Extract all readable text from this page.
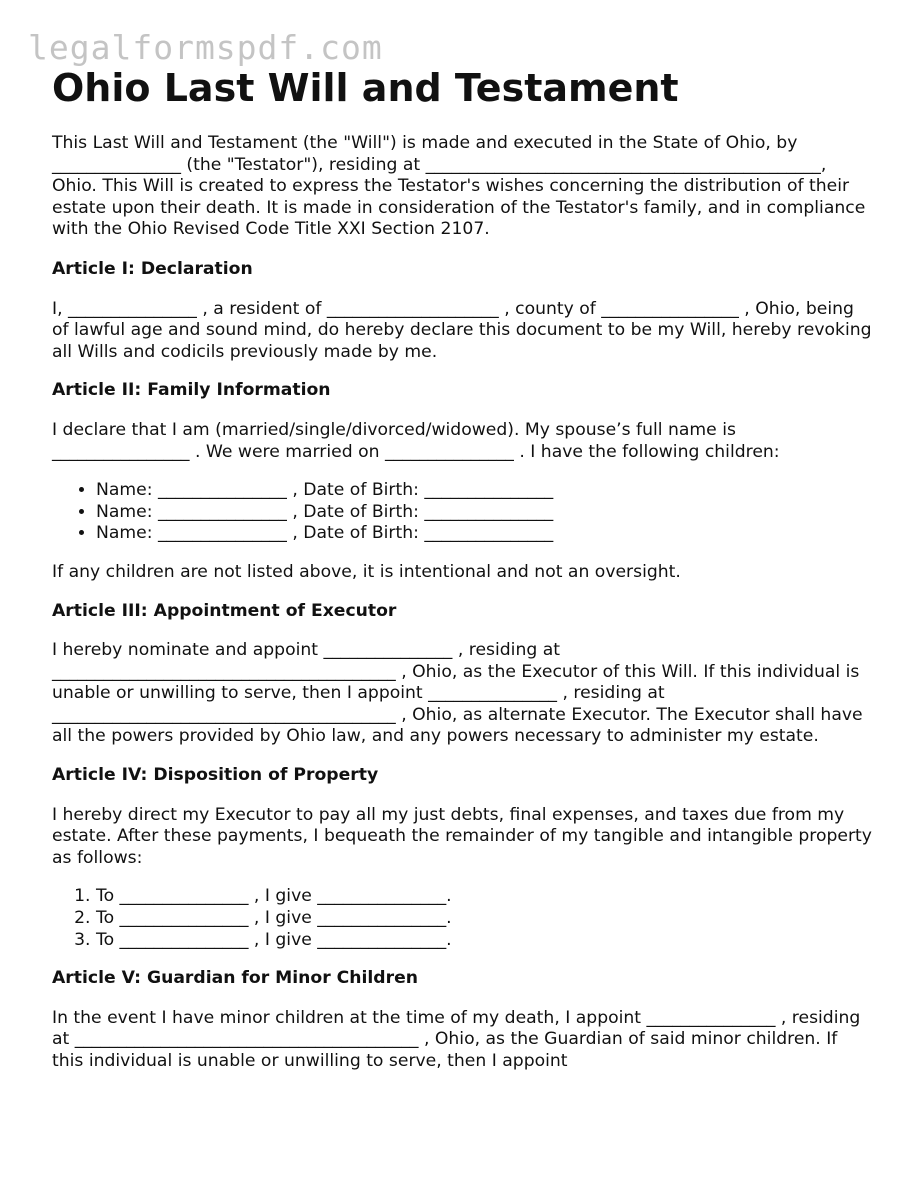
legalformspdf.com
Ohio Last Will and Testament

This Last Will and Testament (the "Will") is made and executed in the State of Ohio, by _______________ (the "Testator"), residing at ______________________________________________, Ohio. This Will is created to express the Testator's wishes concerning the distribution of their estate upon their death. It is made in consideration of the Testator's family, and in compliance with the Ohio Revised Code Title XXI Section 2107.

Article I: Declaration

I, _______________ , a resident of ____________________ , county of ________________ , Ohio, being of lawful age and sound mind, do hereby declare this document to be my Will, hereby revoking all Wills and codicils previously made by me.

Article II: Family Information

I declare that I am (married/single/divorced/widowed). My spouse’s full name is ________________ . We were married on _______________ . I have the following children:

• Name: _______________ , Date of Birth: _______________
• Name: _______________ , Date of Birth: _______________
• Name: _______________ , Date of Birth: _______________

If any children are not listed above, it is intentional and not an oversight.

Article III: Appointment of Executor

I hereby nominate and appoint _______________ , residing at ________________________________________ , Ohio, as the Executor of this Will. If this individual is unable or unwilling to serve, then I appoint _______________ , residing at ________________________________________ , Ohio, as alternate Executor. The Executor shall have all the powers provided by Ohio law, and any powers necessary to administer my estate.

Article IV: Disposition of Property

I hereby direct my Executor to pay all my just debts, final expenses, and taxes due from my estate. After these payments, I bequeath the remainder of my tangible and intangible property as follows:

1. To _______________ , I give _______________.
2. To _______________ , I give _______________.
3. To _______________ , I give _______________.
Article V: Guardian for Minor Children

In the event I have minor children at the time of my death, I appoint _______________ , residing at ________________________________________ , Ohio, as the Guardian of said minor children. If this individual is unable or unwilling to serve, then I appoint
